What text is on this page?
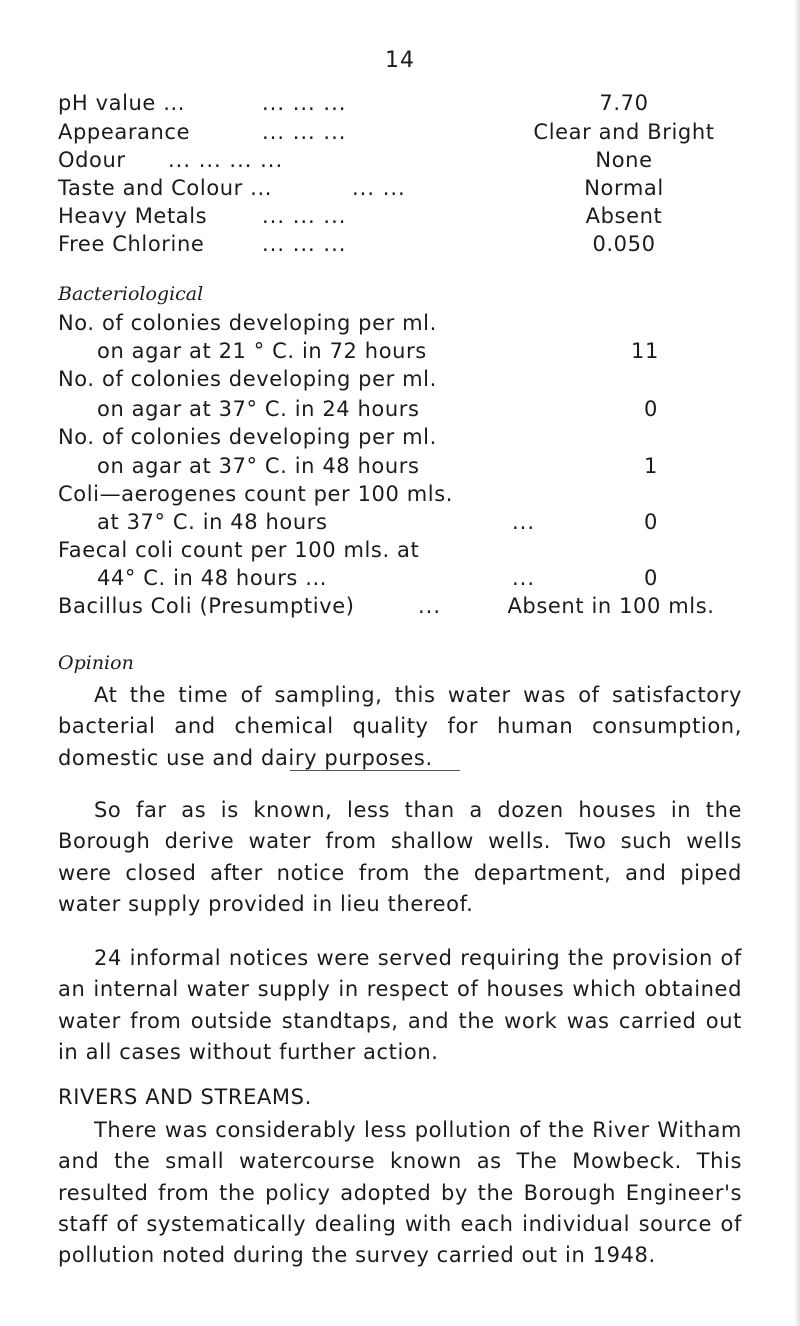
14
pH value ...	... ... ...	7.70
Appearance	... ... ...	Clear and Bright
Odour ... ... ... ...	None
Taste and Colour ...	... ...	Normal
Heavy Metals	... ... ...	Absent
Free Chlorine	... ... ...	0.050
Bacteriological
No. of colonies developing per ml.
on agar at 21 ° C. in 72 hours	11
No. of colonies developing per ml.
on agar at 37° C. in 24 hours	0
No. of colonies developing per ml.
on agar at 37° C. in 48 hours	1
Coli—aerogenes count per 100 mls.
at 37° C. in 48 hours	...	0
Faecal coli count per 100 mls. at
44° C. in 48 hours ...	...	0
Bacillus Coli (Presumptive)	...	Absent in 100 mls.
Opinion

At the time of sampling, this water was of satisfactory bacterial and chemical quality for human consumption, domestic use and dairy purposes.

So far as is known, less than a dozen houses in the Borough derive water from shallow wells. Two such wells were closed after notice from the department, and piped water supply provided in lieu thereof.

24 informal notices were served requiring the provision of an internal water supply in respect of houses which obtained water from outside standtaps, and the work was carried out in all cases without further action.

RIVERS AND STREAMS.

There was considerably less pollution of the River Witham and the small watercourse known as The Mowbeck. This resulted from the policy adopted by the Borough Engineer's staff of systematically dealing with each individual source of pollution noted during the survey carried out in 1948.
